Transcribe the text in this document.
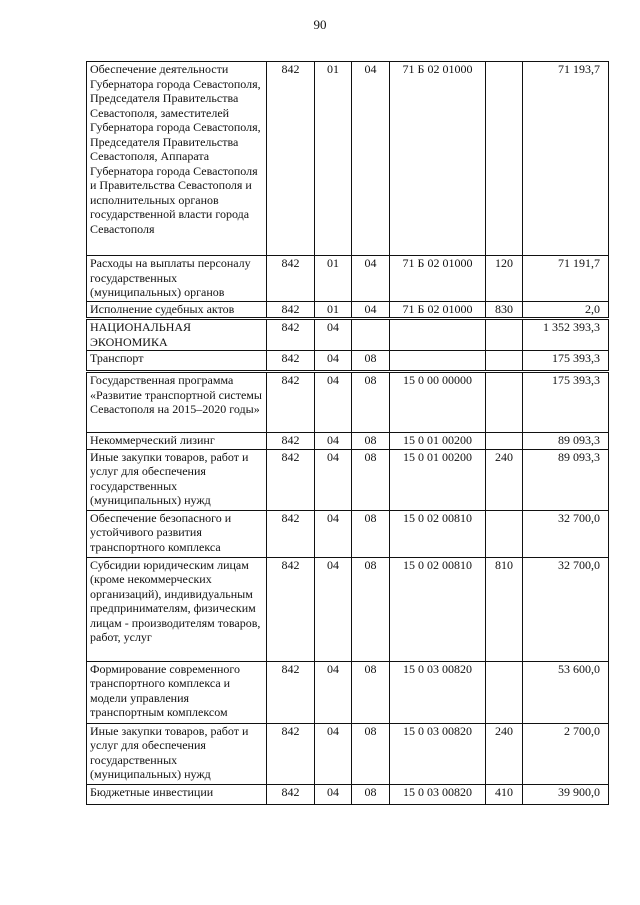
90
Обеспечение деятельности Губернатора города Севастополя, Председателя Правительства Севастополя, заместителей Губернатора города Севастополя, Председателя Правительства Севастополя, Аппарата Губернатора города Севастополя и Правительства Севастополя и исполнительных органов государственной власти города Севастополя	842	01	04	71 Б 02 01000		71 193,7
Расходы на выплаты персоналу государственных (муниципальных) органов	842	01	04	71 Б 02 01000	120	71 191,7
Исполнение судебных актов	842	01	04	71 Б 02 01000	830	2,0
НАЦИОНАЛЬНАЯ ЭКОНОМИКА	842	04				1 352 393,3
Транспорт	842	04	08			175 393,3
Государственная программа «Развитие транспортной системы Севастополя на 2015–2020 годы»	842	04	08	15 0 00 00000		175 393,3
Некоммерческий лизинг	842	04	08	15 0 01 00200		89 093,3
Иные закупки товаров, работ и услуг для обеспечения государственных (муниципальных) нужд	842	04	08	15 0 01 00200	240	89 093,3
Обеспечение безопасного и устойчивого развития транспортного комплекса	842	04	08	15 0 02 00810		32 700,0
Субсидии юридическим лицам (кроме некоммерческих организаций), индивидуальным предпринимателям, физическим лицам - производителям товаров, работ, услуг	842	04	08	15 0 02 00810	810	32 700,0
Формирование современного транспортного комплекса и модели управления транспортным комплексом	842	04	08	15 0 03 00820		53 600,0
Иные закупки товаров, работ и услуг для обеспечения государственных (муниципальных) нужд	842	04	08	15 0 03 00820	240	2 700,0
Бюджетные инвестиции	842	04	08	15 0 03 00820	410	39 900,0
